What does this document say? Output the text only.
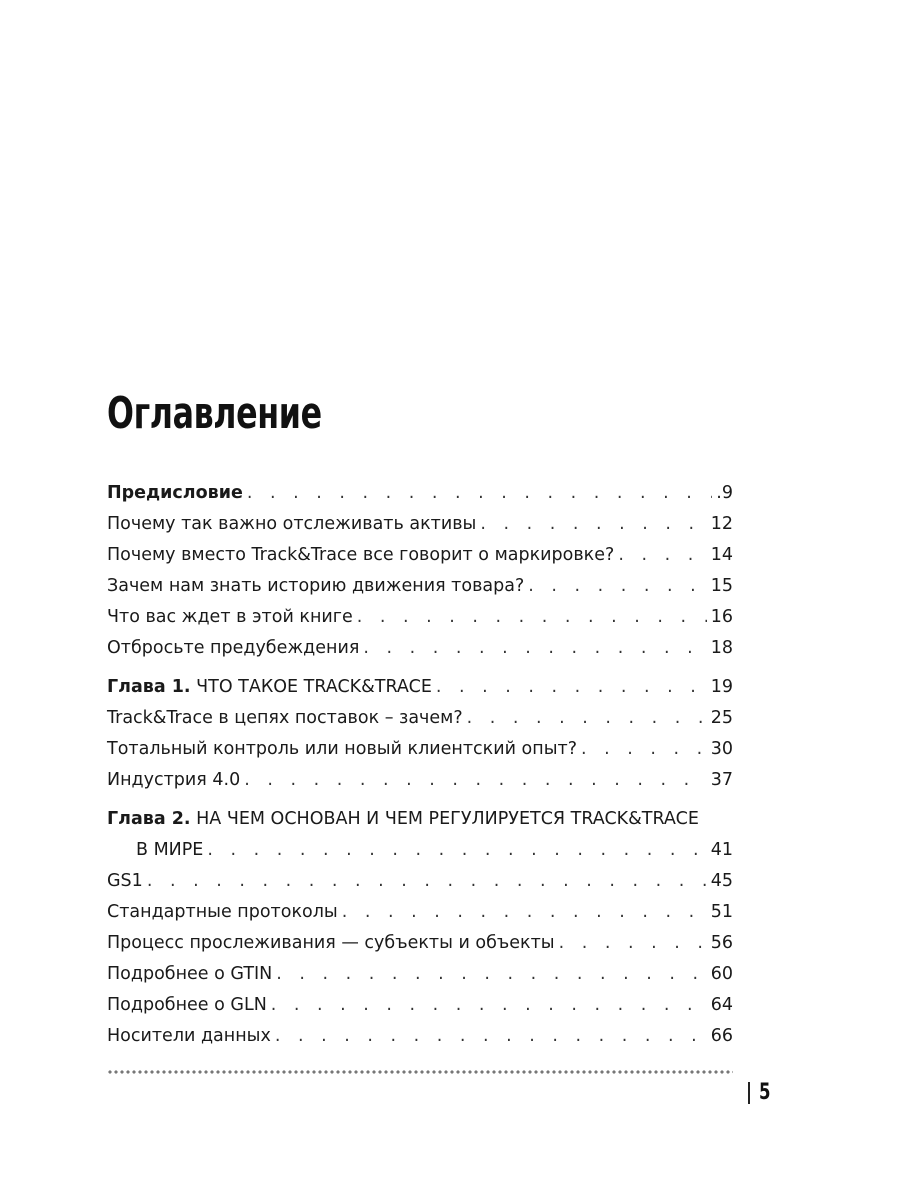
Оглавление
Предисловие . . .	.9
Почему так важно отслеживать активы . . .	12
Почему вместо Track&Trace все говорит о маркировке? . . .	14
Зачем нам знать историю движения товара? . . .	15
Что вас ждет в этой книге . . .	16
Отбросьте предубеждения . . .	18
Глава 1. ЧТО ТАКОЕ TRACK&TRACE . . .	19
Track&Trace в цепях поставок – зачем? . . .	25
Тотальный контроль или новый клиентский опыт? . . .	30
Индустрия 4.0 . . .	37
Глава 2. НА ЧЕМ ОСНОВАН И ЧЕМ РЕГУЛИРУЕТСЯ TRACK&TRACE
В МИРЕ . . .	41
GS1 . . .	45
Стандартные протоколы . . .	51
Процесс прослеживания — субъекты и объекты . . .	56
Подробнее о GTIN . . .	60
Подробнее о GLN . . .	64
Носители данных . . .	66
5
